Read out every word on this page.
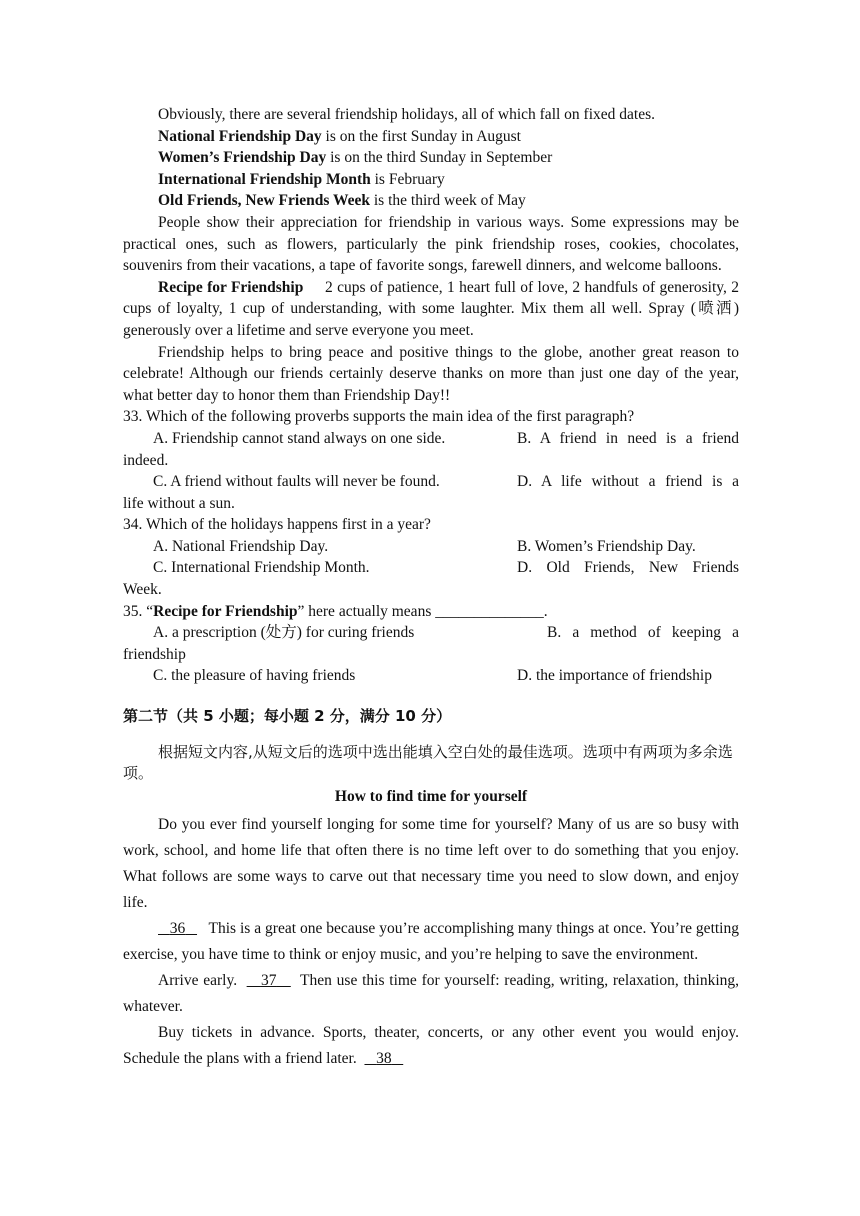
Obviously, there are several friendship holidays, all of which fall on fixed dates.

National Friendship Day is on the first Sunday in August

Women’s Friendship Day is on the third Sunday in September

International Friendship Month is February

Old Friends, New Friends Week is the third week of May

People show their appreciation for friendship in various ways. Some expressions may be practical ones, such as flowers, particularly the pink friendship roses, cookies, chocolates, souvenirs from their vacations, a tape of favorite songs, farewell dinners, and welcome balloons.

Recipe for Friendship 2 cups of patience, 1 heart full of love, 2 handfuls of generosity, 2 cups of loyalty, 1 cup of understanding, with some laughter. Mix them all well. Spray (喷洒) generously over a lifetime and serve everyone you meet.

Friendship helps to bring peace and positive things to the globe, another great reason to celebrate! Although our friends certainly deserve thanks on more than just one day of the year, what better day to honor them than Friendship Day!!

33. Which of the following proverbs supports the main idea of the first paragraph?

A. Friendship cannot stand always on one side.	B. A friend in need is a friend

indeed.

C. A friend without faults will never be found.	D. A life without a friend is a

life without a sun.

34. Which of the holidays happens first in a year?

A. National Friendship Day.	B. Women’s Friendship Day.
C. International Friendship Month.	D. Old Friends, New Friends

Week.

35. “Recipe for Friendship” here actually means ______________.

A. a prescription (处方) for curing friends	B. a method of keeping a

friendship

C. the pleasure of having friends	D. the importance of friendship

第二节（共 5 小题；每小题 2 分，满分 10 分）

根据短文内容,从短文后的选项中选出能填入空白处的最佳选项。选项中有两项为多余选项。

How to find time for yourself

Do you ever find yourself longing for some time for yourself? Many of us are so busy with work, school, and home life that often there is no time left over to do something that you enjoy. What follows are some ways to carve out that necessary time you need to slow down, and enjoy life.

36 This is a great one because you’re accomplishing many things at once. You’re getting exercise, you have time to think or enjoy music, and you’re helping to save the environment.

Arrive early. 37 Then use this time for yourself: reading, writing, relaxation, thinking, whatever.

Buy tickets in advance. Sports, theater, concerts, or any other event you would enjoy. Schedule the plans with a friend later. 38
